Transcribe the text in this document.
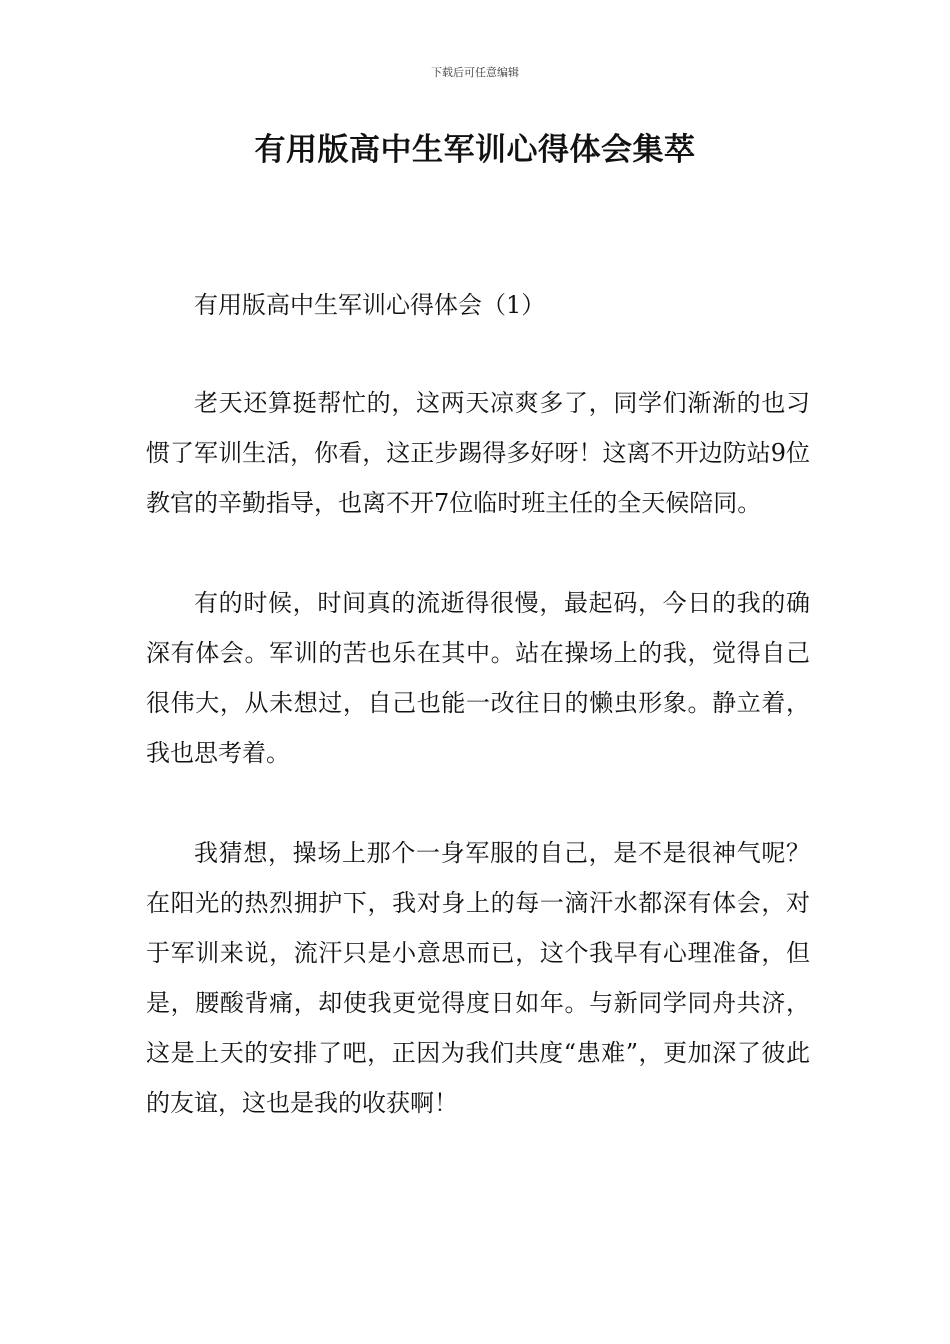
下载后可任意编辑
有用版高中生军训心得体会集萃

有用版高中生军训心得体会（1）

老天还算挺帮忙的，这两天凉爽多了，同学们渐渐的也习惯了军训生活，你看，这正步踢得多好呀！这离不开边防站9位教官的辛勤指导，也离不开7位临时班主任的全天候陪同。

有的时候，时间真的流逝得很慢，最起码，今日的我的确深有体会。军训的苦也乐在其中。站在操场上的我，觉得自己很伟大，从未想过，自己也能一改往日的懒虫形象。静立着，我也思考着。

我猜想，操场上那个一身军服的自己，是不是很神气呢？在阳光的热烈拥护下，我对身上的每一滴汗水都深有体会，对于军训来说，流汗只是小意思而已，这个我早有心理准备，但是，腰酸背痛，却使我更觉得度日如年。与新同学同舟共济，这是上天的安排了吧，正因为我们共度“患难”，更加深了彼此的友谊，这也是我的收获啊！
